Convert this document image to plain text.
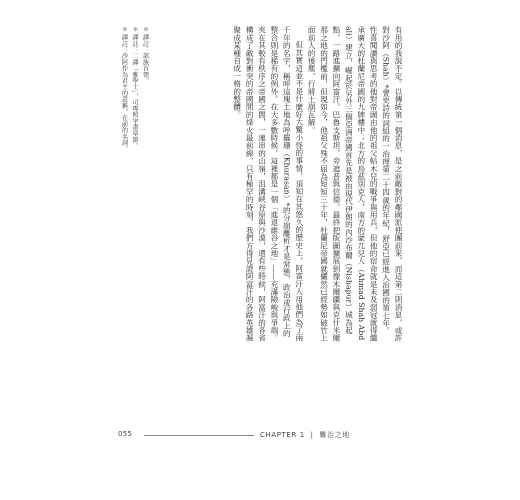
有用的我說不定。以傳統第一個消息，是之前敵對的鄰國派使團前來，而這第二則消息，或許對沙阿（Shah）*會更詩的詞組的一治理第二十四歲的年紀，舒亞已經進入治國的第七年。性喜閱讀與思考的他對帝國由他的祖父帖木兒的戰爭與用兵，但他的宿命就是未及弱冠就得繼承廣大的杜蘭尼帝國的九牌樓中；北方的烏茲別克人，南方的蒙兀兒人（Ahmad Shah Abdali）建立，崛起於另外三個亞洲帝國首先是被由現代伊朗的內沙布爾（Nishapur）城為起點，一路進擴向阿富汗，巴魯支斯坦，旁遮普與信德。最終把版圖擴展到像木爾疆與克什米爾那之地的門檻前，但現如今，他祖父殊不屈為短短三十年，杜蘭尼帝國就儼然已經勢如破竹上面前人的後塵，行將土崩瓦解。

但其實這並不是什麼好大驚小怪的事情，須知在其悠久的歷史上，阿富汗人用他們為了兩千年的名字，稱呼這塊土地為呼羅珊（Khurasan）*的分崩離析才是常態，政治或行政上的整合則是稀有的例外。在大多數時候，這裡都是一個「進退維谷之地」——充滿險峻與爭端。夾在其較有秩序之帝國之間，一連串的山嶺，沮溝峽谷原與沙漠，還有些時候，阿富汗的各省構成了敵對衝突的帝國間的烽火最前線，只有極罕的時刻，我們方得見證阿富汗的各路英雄凝聚成某種自成一格的整體。

＊ 譯註：部族首領。
＊ 譯註：二譯「雅學士」，司專照字畫章節。
＊ 譯註：沙阿作為君主的意稱，在前的名詞。
055	CHAPTER 1 | 難治之地
